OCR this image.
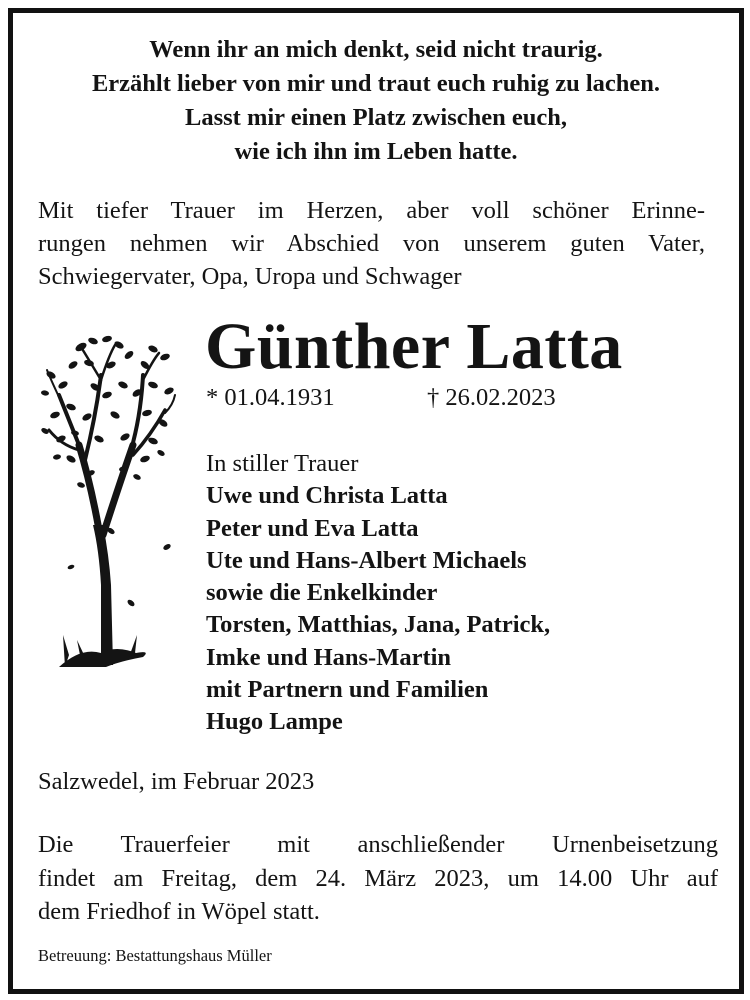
Wenn ihr an mich denkt, seid nicht traurig.
Erzählt lieber von mir und traut euch ruhig zu lachen.
Lasst mir einen Platz zwischen euch,
wie ich ihn im Leben hatte.
Mit tiefer Trauer im Herzen, aber voll schöner Erinne-
rungen nehmen wir Abschied von unserem guten Vater,
Schwiegervater, Opa, Uropa und Schwager
Günther Latta
* 01.04.1931	† 26.02.2023
In stiller Trauer
Uwe und Christa Latta
Peter und Eva Latta
Ute und Hans-Albert Michaels
sowie die Enkelkinder
Torsten, Matthias, Jana, Patrick,
Imke und Hans-Martin
mit Partnern und Familien
Hugo Lampe
Salzwedel, im Februar 2023
Die Trauerfeier mit anschließender Urnenbeisetzung
findet am Freitag, dem 24. März 2023, um 14.00 Uhr auf
dem Friedhof in Wöpel statt.
Betreuung: Bestattungshaus Müller
